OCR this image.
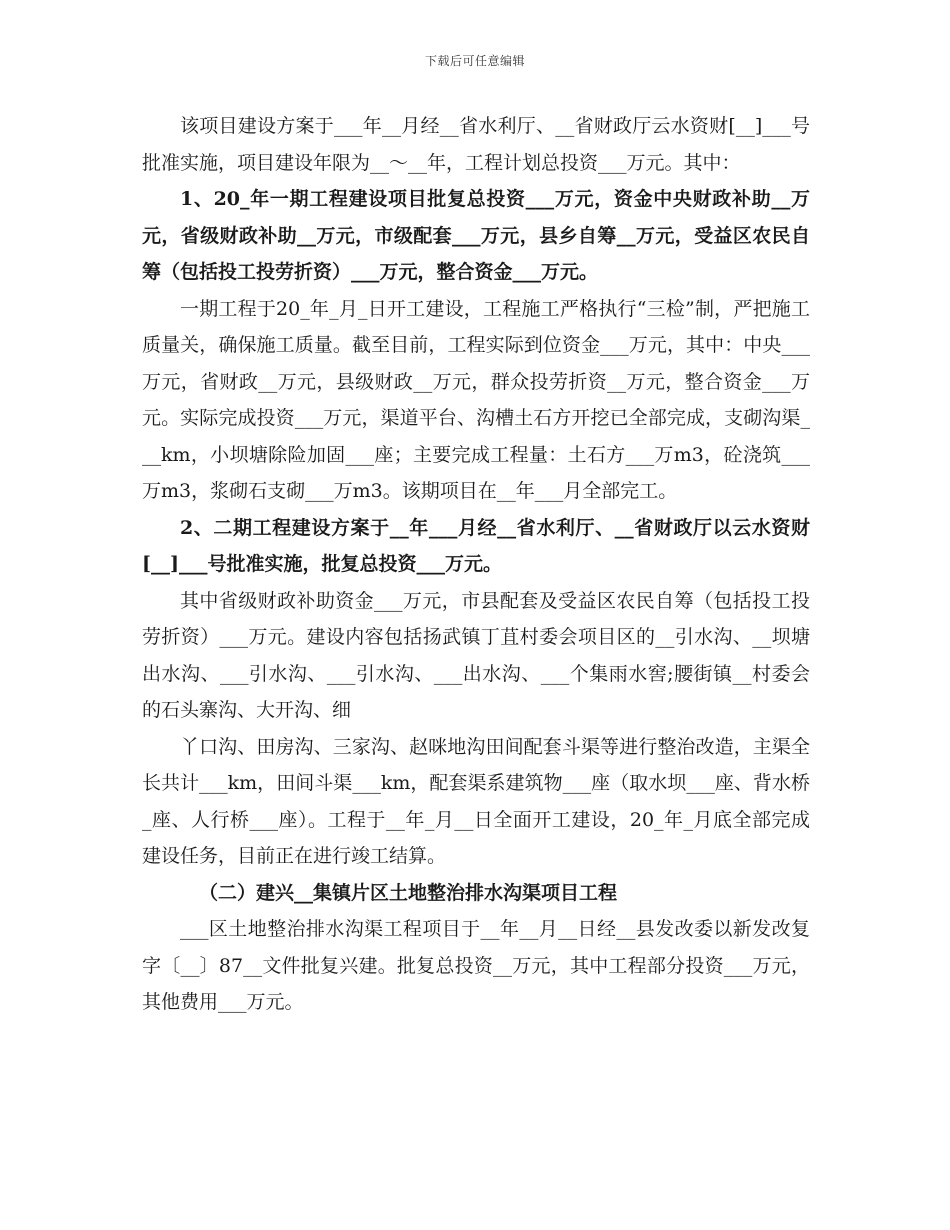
下载后可任意编辑

该项目建设方案于___年__月经__省水利厅、__省财政厅云水资财[__]___号批准实施，项目建设年限为__～__年，工程计划总投资___万元。其中：

1、20_年一期工程建设项目批复总投资___万元，资金中央财政补助__万元，省级财政补助__万元，市级配套___万元，县乡自筹__万元，受益区农民自筹（包括投工投劳折资）___万元，整合资金___万元。

一期工程于20_年_月_日开工建设，工程施工严格执行“三检”制，严把施工质量关，确保施工质量。截至目前，工程实际到位资金___万元，其中：中央___万元，省财政__万元，县级财政__万元，群众投劳折资__万元，整合资金___万元。实际完成投资___万元，渠道平台、沟槽土石方开挖已全部完成，支砌沟渠___km，小坝塘除险加固___座；主要完成工程量：土石方___万m3，砼浇筑___万m3，浆砌石支砌___万m3。该期项目在__年___月全部完工。

2、二期工程建设方案于__年___月经__省水利厅、__省财政厅以云水资财[__]___号批准实施，批复总投资___万元。

其中省级财政补助资金___万元，市县配套及受益区农民自筹（包括投工投劳折资）___万元。建设内容包括扬武镇丁苴村委会项目区的__引水沟、__坝塘出水沟、___引水沟、___引水沟、___出水沟、___个集雨水窖;腰街镇__村委会的石头寨沟、大开沟、细

丫口沟、田房沟、三家沟、赵咪地沟田间配套斗渠等进行整治改造，主渠全长共计___km，田间斗渠___km，配套渠系建筑物___座（取水坝___座、背水桥_座、人行桥___座）。工程于__年_月__日全面开工建设，20_年_月底全部完成建设任务，目前正在进行竣工结算。

（二）建兴__集镇片区土地整治排水沟渠项目工程

___区土地整治排水沟渠工程项目于__年__月__日经__县发改委以新发改复字〔__〕87__文件批复兴建。批复总投资__万元，其中工程部分投资___万元，其他费用___万元。
